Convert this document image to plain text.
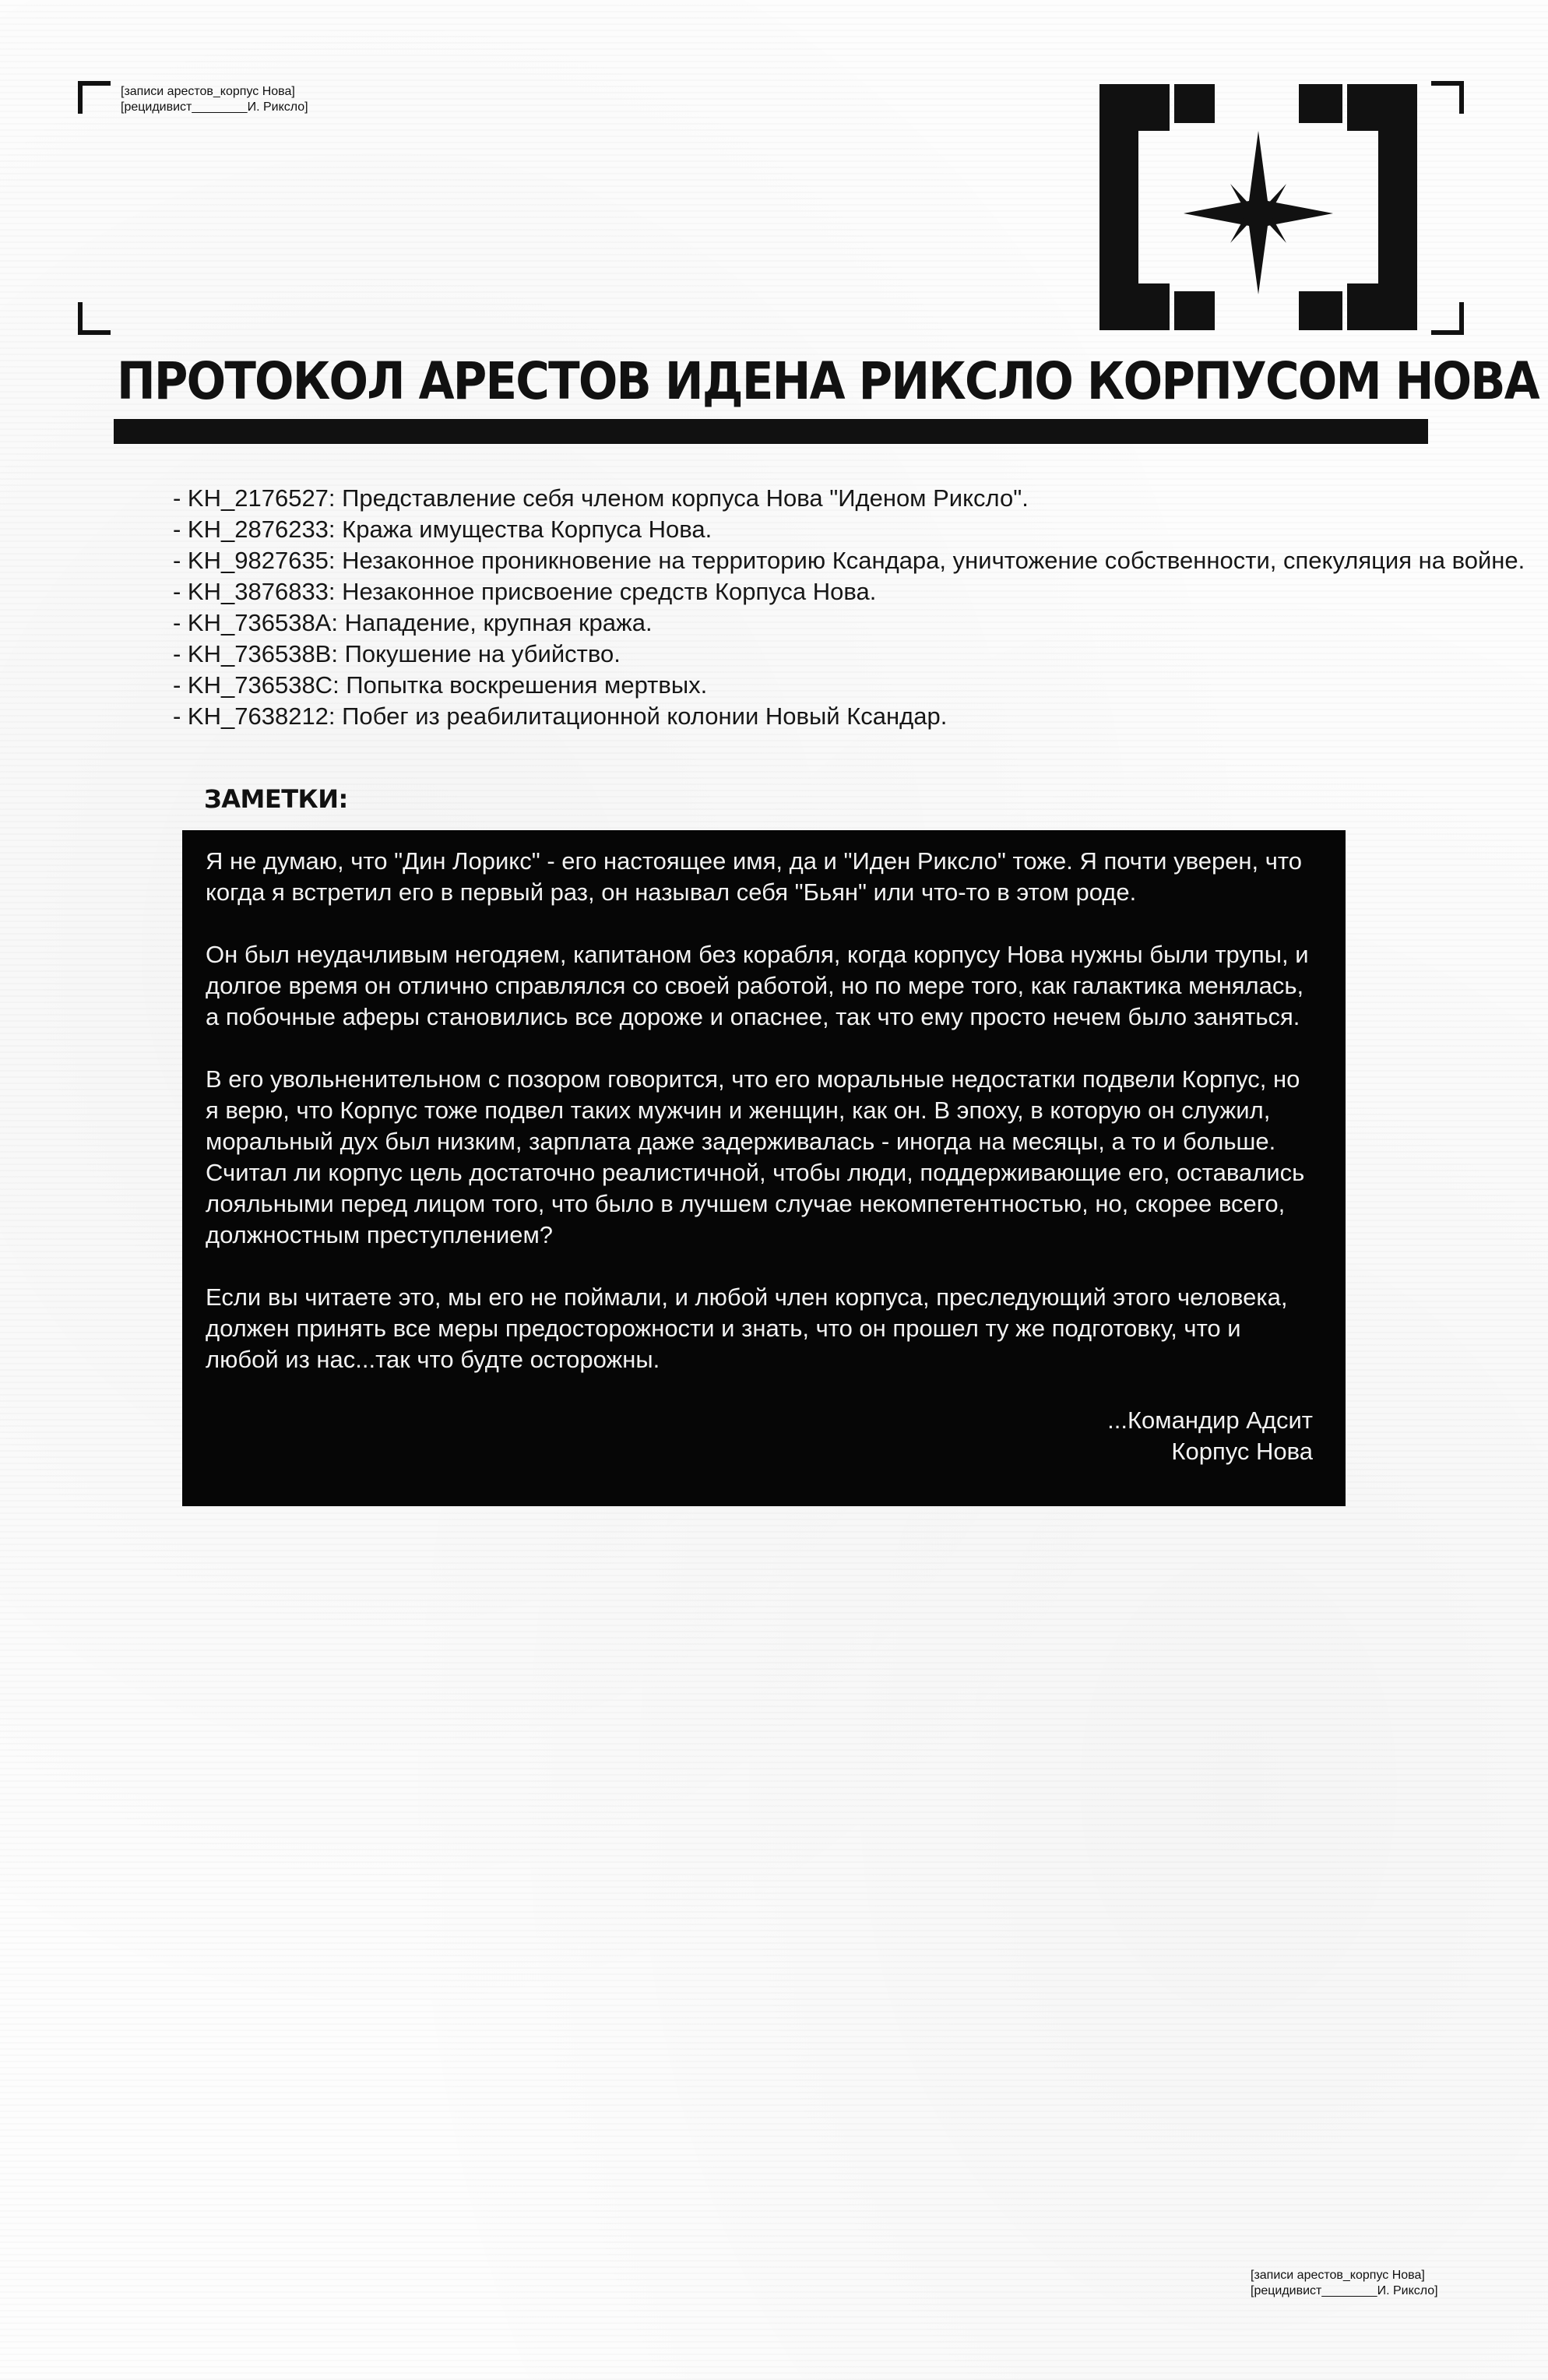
[записи арестов_корпус Нова]
[рецидивист________И. Риксло]
ПРОТОКОЛ АРЕСТОВ ИДЕНА РИКСЛО КОРПУСОМ НОВА
- KH_2176527: Представление себя членом корпуса Нова "Иденом Риксло".
- KH_2876233: Кража имущества Корпуса Нова.
- KH_9827635: Незаконное проникновение на территорию Ксандара, уничтожение собственности, спекуляция на войне.
- KH_3876833: Незаконное присвоение средств Корпуса Нова.
- KH_736538A: Нападение, крупная кража.
- KH_736538B: Покушение на убийство.
- KH_736538C: Попытка воскрешения мертвых.
- KH_7638212: Побег из реабилитационной колонии Новый Ксандар.
ЗАМЕТКИ:

Я не думаю, что "Дин Лорикс" - его настоящее имя, да и "Иден Риксло" тоже. Я почти уверен, что когда я встретил его в первый раз, он называл себя "Бьян" или что-то в этом роде.

Он был неудачливым негодяем, капитаном без корабля, когда корпусу Нова нужны были трупы, и долгое время он отлично справлялся со своей работой, но по мере того, как галактика менялась, а побочные аферы становились все дороже и опаснее, так что ему просто нечем было заняться.

В его увольненительном с позором говорится, что его моральные недостатки подвели Корпус, но я верю, что Корпус тоже подвел таких мужчин и женщин, как он. В эпоху, в которую он служил, моральный дух был низким, зарплата даже задерживалась - иногда на месяцы, а то и больше. Считал ли корпус цель достаточно реалистичной, чтобы люди, поддерживающие его, оставались лояльными перед лицом того, что было в лучшем случае некомпетентностью, но, скорее всего, должностным преступлением?

Если вы читаете это, мы его не поймали, и любой член корпуса, преследующий этого человека, должен принять все меры предосторожности и знать, что он прошел ту же подготовку, что и любой из нас...так что будте осторожны.

...Командир Адсит
Корпус Нова
[записи арестов_корпус Нова]
[рецидивист________И. Риксло]
